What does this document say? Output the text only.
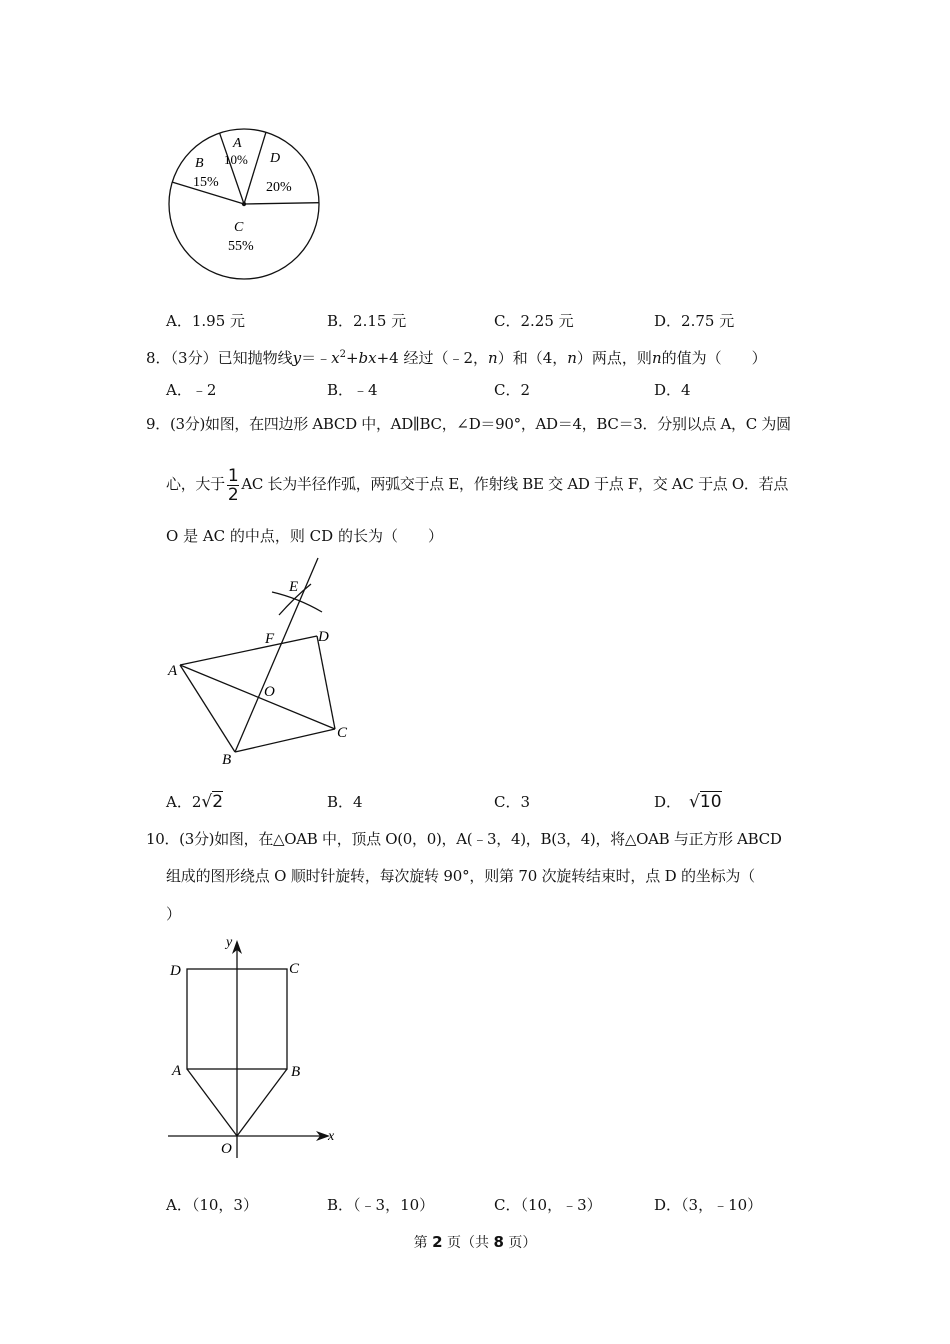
A
10%
B
15%
D
20%
C
55%
A．1.95 元	B．2.15 元	C．2.25 元	D．2.75 元
8．（3分）已知抛物线$y=﹣x^2+bx+4$ 经过（﹣2，n）和（4，n）两点，则n的值为（　　）
A．﹣2	B．﹣4	C．2	D．4
9．(3分)如图，在四边形 ABCD 中，AD∥BC，∠D＝90°，AD＝4，BC＝3．分别以点 A，C 为圆
心，大于 $\frac{1}{2}$ AC 长为半径作弧，两弧交于点 E，作射线 BE 交 AD 于点 F，交 AC 于点 O．若点
O 是 AC 的中点，则 CD 的长为（　　）
E
F	D
A
O
C
B
A．2√2	B．4	C．3	D． √10
10．(3分)如图，在△OAB 中，顶点 O(0，0)，A(﹣3，4)，B(3，4)，将△OAB 与正方形 ABCD
组成的图形绕点 O 顺时针旋转，每次旋转 90°，则第 70 次旋转结束时，点 D 的坐标为（
）
y
x
D	C
A	B
O
A．（10，3）	B．（﹣3，10）	C．（10，﹣3）	D．（3，﹣10）
第 2 页（共 8 页）
